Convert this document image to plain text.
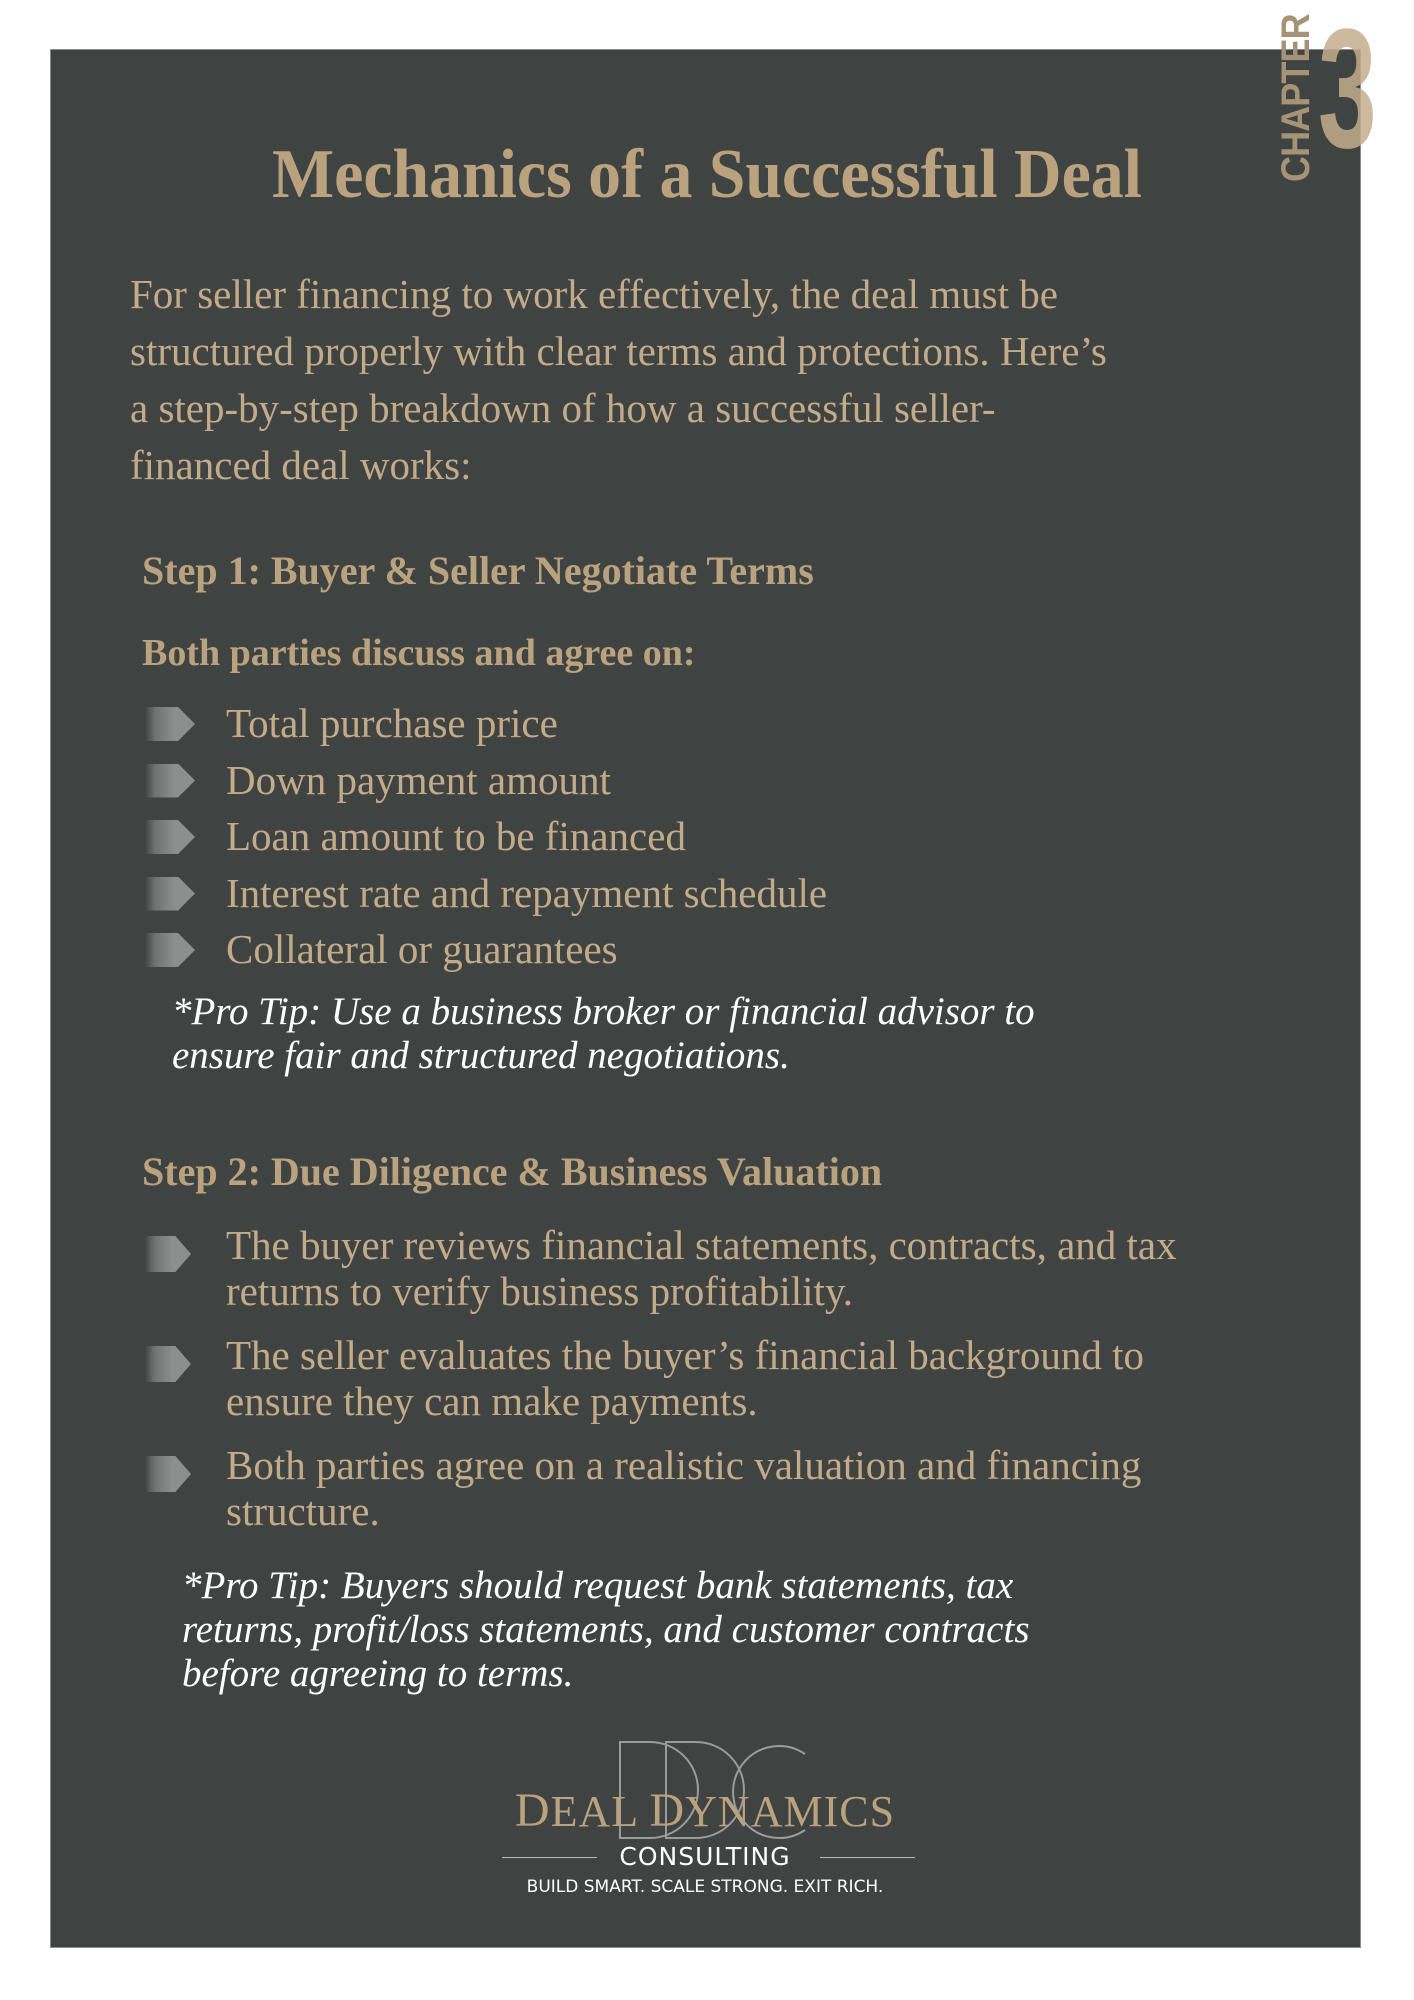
CHAPTER 3
Mechanics of a Successful Deal
For seller financing to work effectively, the deal must be
structured properly with clear terms and protections. Here’s
a step-by-step breakdown of how a successful seller-
financed deal works:
Step 1: Buyer & Seller Negotiate Terms
Both parties discuss and agree on:
Total purchase price
Down payment amount
Loan amount to be financed
Interest rate and repayment schedule
Collateral or guarantees
*Pro Tip: Use a business broker or financial advisor to
ensure fair and structured negotiations.
Step 2: Due Diligence & Business Valuation
The buyer reviews financial statements, contracts, and tax
returns to verify business profitability.
The seller evaluates the buyer’s financial background to
ensure they can make payments.
Both parties agree on a realistic valuation and financing
structure.
*Pro Tip: Buyers should request bank statements, tax
returns, profit/loss statements, and customer contracts
before agreeing to terms.
DEAL DYNAMICS
CONSULTING
BUILD SMART. SCALE STRONG. EXIT RICH.
